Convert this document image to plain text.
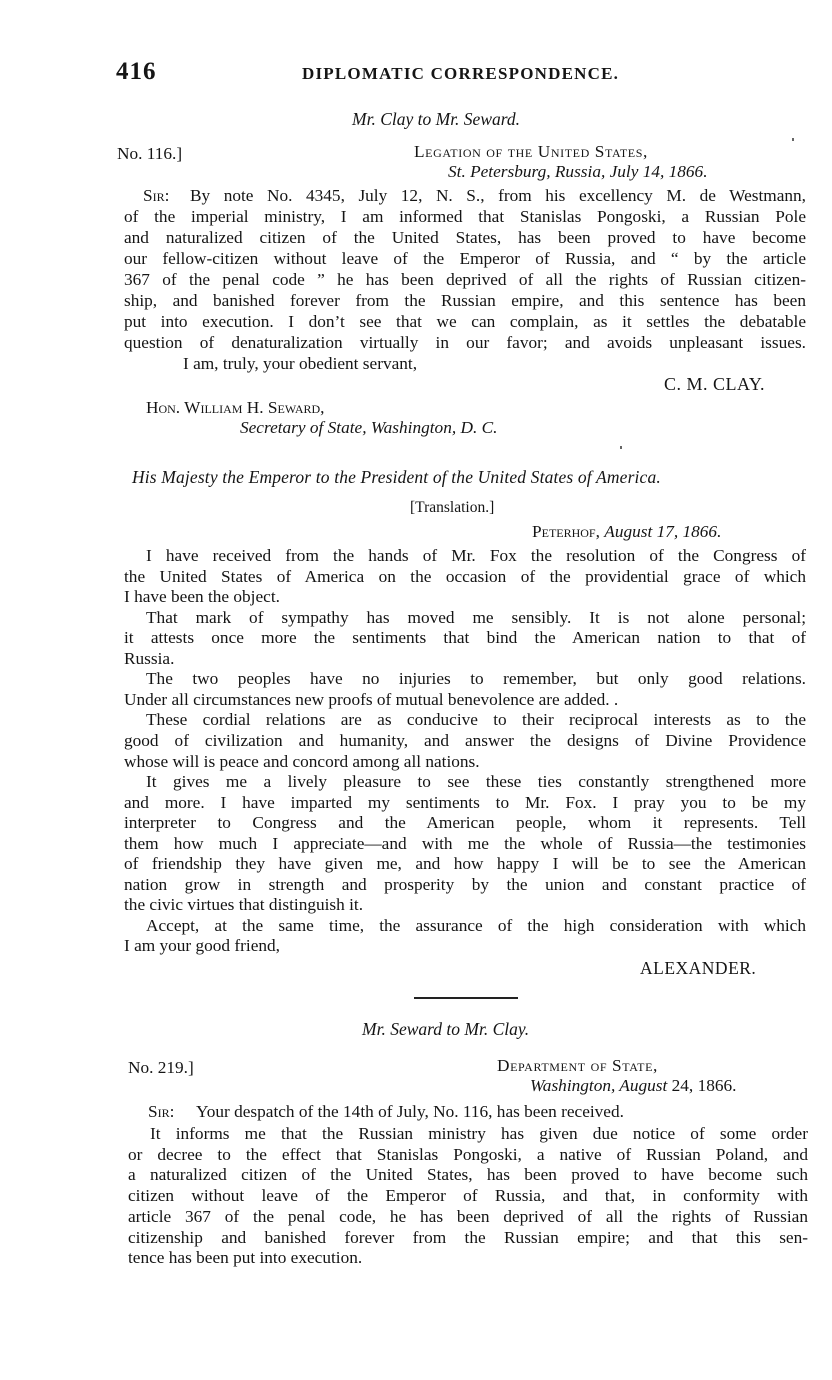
416	DIPLOMATIC CORRESPONDENCE.
Mr. Clay to Mr. Seward.
No. 116.]	Legation of the United States,
St. Petersburg, Russia, July 14, 1866.
Sir: By note No. 4345, July 12, N. S., from his excellency M. de Westmann,
of the imperial ministry, I am informed that Stanislas Pongoski, a Russian Pole
and naturalized citizen of the United States, has been proved to have become
our fellow-citizen without leave of the Emperor of Russia, and “ by the article
367 of the penal code ” he has been deprived of all the rights of Russian citizen-
ship, and banished forever from the Russian empire, and this sentence has been
put into execution. I don’t see that we can complain, as it settles the debatable
question of denaturalization virtually in our favor; and avoids unpleasant issues.
I am, truly, your obedient servant,
C. M. CLAY.
Hon. William H. Seward,
Secretary of State, Washington, D. C.
His Majesty the Emperor to the President of the United States of America.
[Translation.]
Peterhof, August 17, 1866.
I have received from the hands of Mr. Fox the resolution of the Congress of
the United States of America on the occasion of the providential grace of which
I have been the object.
That mark of sympathy has moved me sensibly. It is not alone personal;
it attests once more the sentiments that bind the American nation to that of
Russia.
The two peoples have no injuries to remember, but only good relations.
Under all circumstances new proofs of mutual benevolence are added. .
These cordial relations are as conducive to their reciprocal interests as to the
good of civilization and humanity, and answer the designs of Divine Providence
whose will is peace and concord among all nations.
It gives me a lively pleasure to see these ties constantly strengthened more
and more. I have imparted my sentiments to Mr. Fox. I pray you to be my
interpreter to Congress and the American people, whom it represents. Tell
them how much I appreciate—and with me the whole of Russia—the testimonies
of friendship they have given me, and how happy I will be to see the American
nation grow in strength and prosperity by the union and constant practice of
the civic virtues that distinguish it.
Accept, at the same time, the assurance of the high consideration with which
I am your good friend,
ALEXANDER.
Mr. Seward to Mr. Clay.
No. 219.]	Department of State,
Washington, August 24, 1866.
Sir: Your despatch of the 14th of July, No. 116, has been received.
It informs me that the Russian ministry has given due notice of some order
or decree to the effect that Stanislas Pongoski, a native of Russian Poland, and
a naturalized citizen of the United States, has been proved to have become such
citizen without leave of the Emperor of Russia, and that, in conformity with
article 367 of the penal code, he has been deprived of all the rights of Russian
citizenship and banished forever from the Russian empire; and that this sen-
tence has been put into execution.
